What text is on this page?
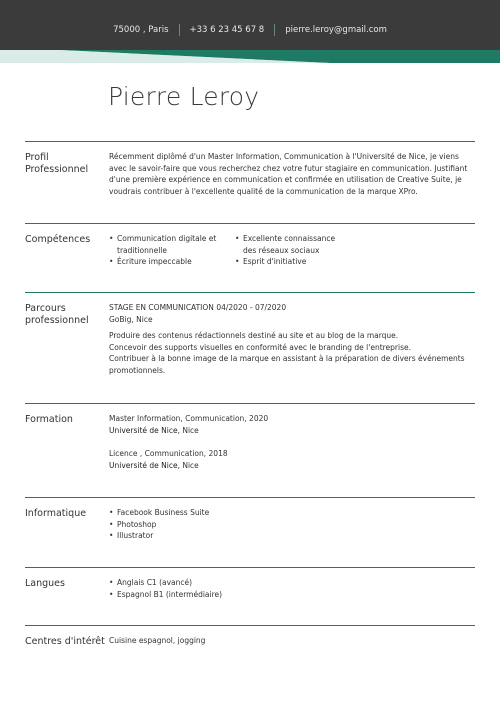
75000 , Paris	+33 6 23 45 67 8	pierre.leroy@gmail.com
Pierre Leroy
Profil Professionnel

Récemment diplômé d'un Master Information, Communication à l'Université de Nice, je viens avec le savoir-faire que vous recherchez chez votre futur stagiaire en communication. Justifiant d'une première expérience en communication et confirmée en utilisation de Creative Suite, je voudrais contribuer à l'excellente qualité de la communication de la marque XPro.

Compétences	• Communication digitale et traditionnelle
• Écriture impeccable
• Excellente connaissance des réseaux sociaux
• Esprit d'initiative
Parcours professionnel

STAGE EN COMMUNICATION 04/2020 - 07/2020

GoBig, Nice

Produire des contenus rédactionnels destiné au site et au blog de la marque.

Concevoir des supports visuelles en conformité avec le branding de l'entreprise.

Contribuer à la bonne image de la marque en assistant à la préparation de divers événements promotionnels.

Formation	Master Information, Communication, 2020

Université de Nice, Nice

Licence , Communication, 2018

Université de Nice, Nice

Informatique	• Facebook Business Suite
• Photoshop
• Illustrator
Langues	• Anglais C1 (avancé)
• Espagnol B1 (intermédiaire)
Centres d'intérêt Cuisine espagnol, jogging
